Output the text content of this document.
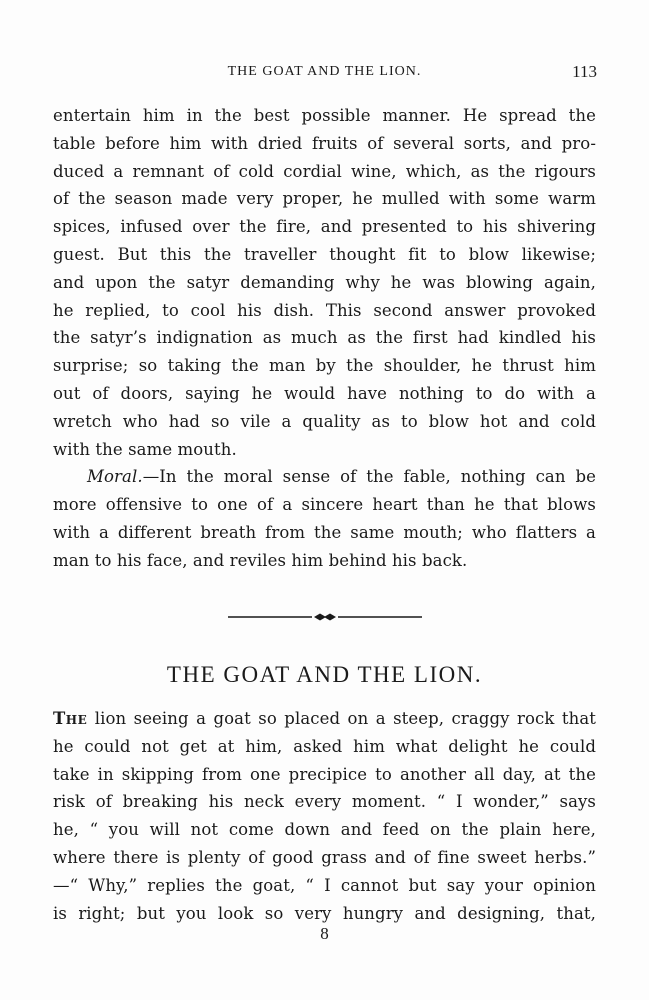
THE GOAT AND THE LION.	113
entertain him in the best possible manner. He spread the
table before him with dried fruits of several sorts, and pro-
duced a remnant of cold cordial wine, which, as the rigours
of the season made very proper, he mulled with some warm
spices, infused over the fire, and presented to his shivering
guest. But this the traveller thought fit to blow likewise;
and upon the satyr demanding why he was blowing again,
he replied, to cool his dish. This second answer provoked
the satyr’s indignation as much as the first had kindled his
surprise; so taking the man by the shoulder, he thrust him
out of doors, saying he would have nothing to do with a
wretch who had so vile a quality as to blow hot and cold
with the same mouth.
Moral.—In the moral sense of the fable, nothing can be
more offensive to one of a sincere heart than he that blows
with a different breath from the same mouth; who flatters a
man to his face, and reviles him behind his back.
THE GOAT AND THE LION.
The lion seeing a goat so placed on a steep, craggy rock that
he could not get at him, asked him what delight he could
take in skipping from one precipice to another all day, at the
risk of breaking his neck every moment. “ I wonder,” says
he, “ you will not come down and feed on the plain here,
where there is plenty of good grass and of fine sweet herbs.”
—“ Why,” replies the goat, “ I cannot but say your opinion
is right; but you look so very hungry and designing, that,
8
